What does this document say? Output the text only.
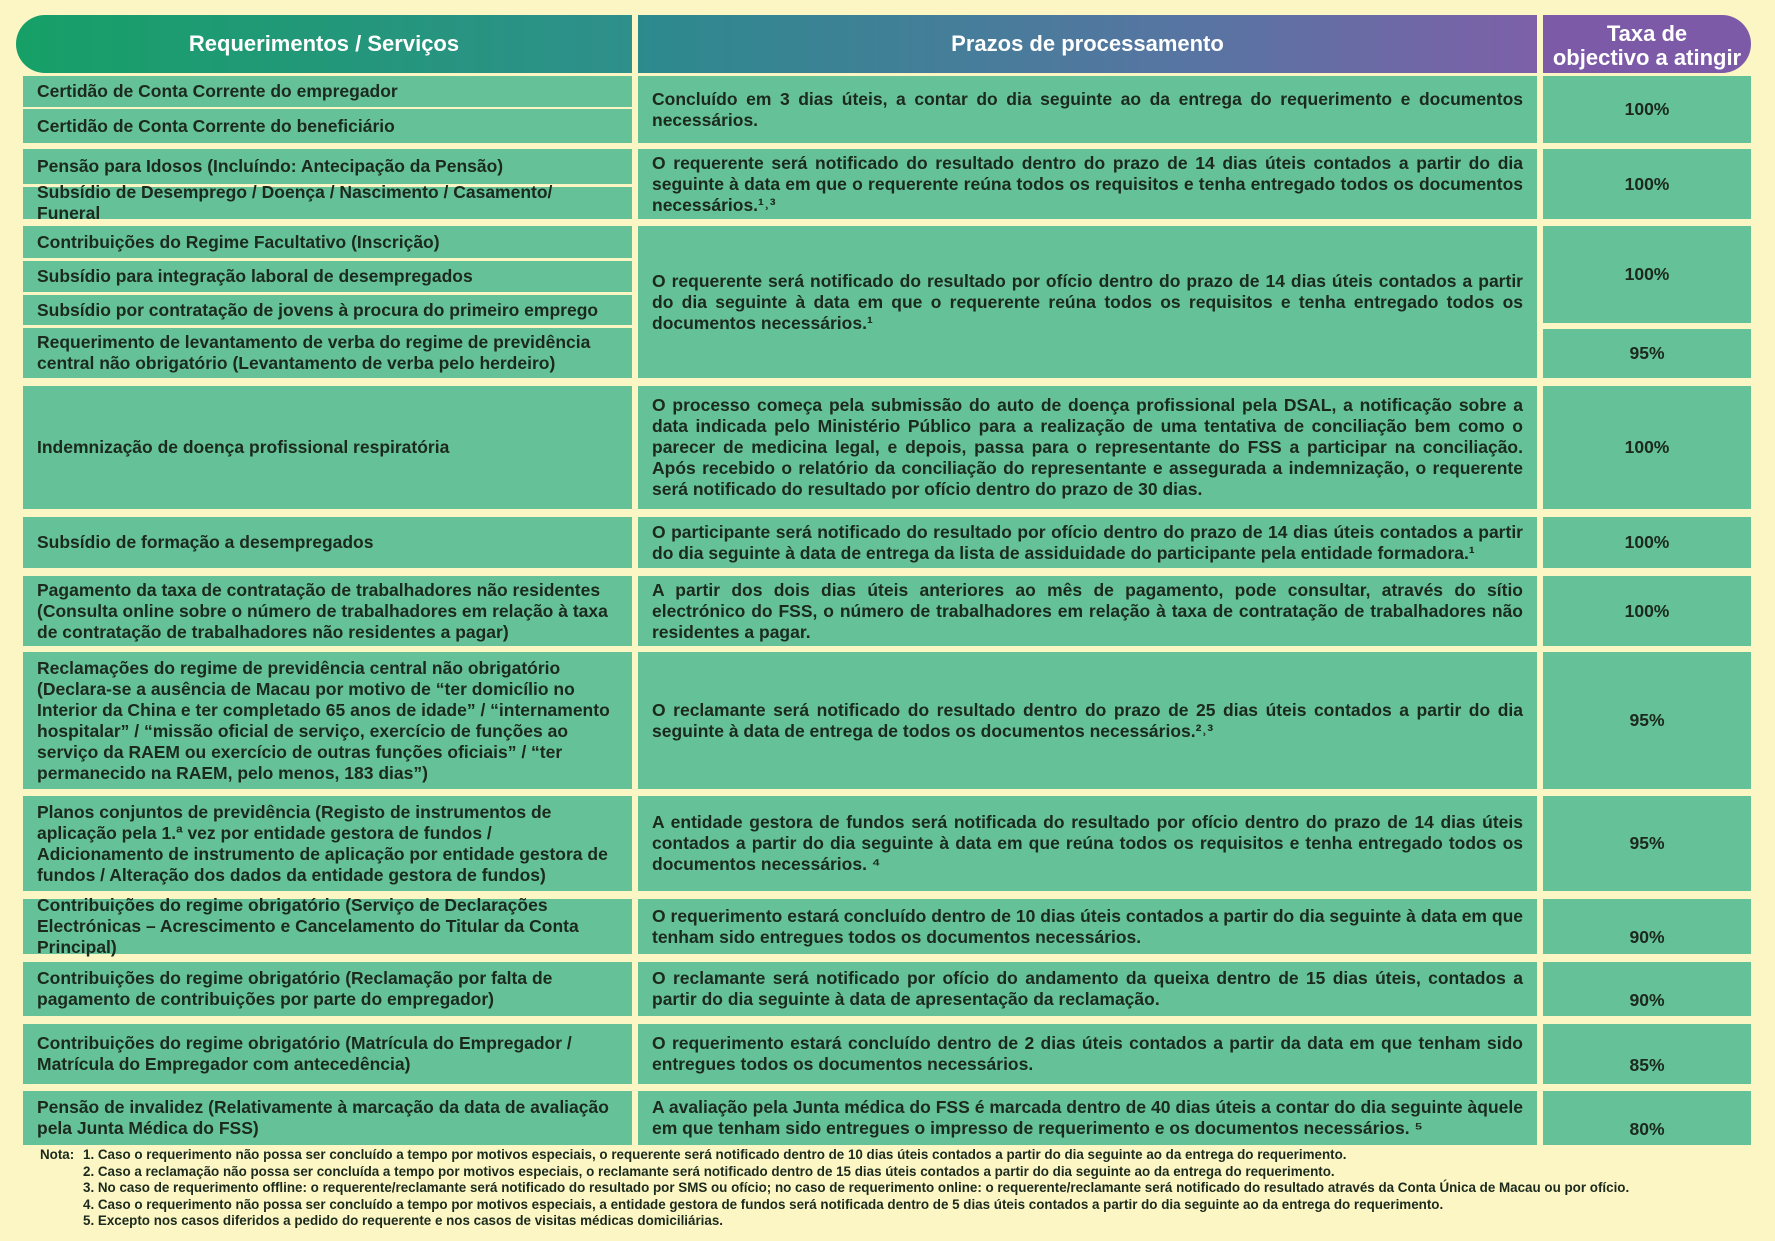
Requerimentos / Serviços	Prazos de processamento	Taxa de
objectivo a atingir
Certidão de Conta Corrente do empregador
Certidão de Conta Corrente do beneficiário
Pensão para Idosos (Incluíndo: Antecipação da Pensão)
Subsídio de Desemprego / Doença / Nascimento / Casamento/ Funeral
Contribuições do Regime Facultativo (Inscrição)
Subsídio para integração laboral de desempregados
Subsídio por contratação de jovens à procura do primeiro emprego
Requerimento de levantamento de verba do regime de previdência central não obrigatório (Levantamento de verba pelo herdeiro)
Indemnização de doença profissional respiratória
Subsídio de formação a desempregados
Pagamento da taxa de contratação de trabalhadores não residentes (Consulta online sobre o número de trabalhadores em relação à taxa de contratação de trabalhadores não residentes a pagar)
Reclamações do regime de previdência central não obrigatório (Declara-se a ausência de Macau por motivo de “ter domicílio no Interior da China e ter completado 65 anos de idade” / “internamento hospitalar” / “missão oficial de serviço, exercício de funções ao serviço da RAEM ou exercício de outras funções oficiais” / “ter permanecido na RAEM, pelo menos, 183 dias”)
Planos conjuntos de previdência (Registo de instrumentos de aplicação pela 1.ª vez por entidade gestora de fundos / Adicionamento de instrumento de aplicação por entidade gestora de fundos / Alteração dos dados da entidade gestora de fundos)
Contribuições do regime obrigatório (Serviço de Declarações Electrónicas – Acrescimento e Cancelamento do Titular da Conta Principal)
Contribuições do regime obrigatório (Reclamação por falta de pagamento de contribuições por parte do empregador)
Contribuições do regime obrigatório (Matrícula do Empregador / Matrícula do Empregador com antecedência)
Pensão de invalidez (Relativamente à marcação da data de avaliação pela Junta Médica do FSS)
Concluído em 3 dias úteis, a contar do dia seguinte ao da entrega do requerimento e documentos necessários.
O requerente será notificado do resultado dentro do prazo de 14 dias úteis contados a partir do dia seguinte à data em que o requerente reúna todos os requisitos e tenha entregado todos os documentos necessários.¹˒³
O requerente será notificado do resultado por ofício dentro do prazo de 14 dias úteis contados a partir do dia seguinte à data em que o requerente reúna todos os requisitos e tenha entregado todos os documentos necessários.¹
O processo começa pela submissão do auto de doença profissional pela DSAL, a notificação sobre a data indicada pelo Ministério Público para a realização de uma tentativa de conciliação bem como o parecer de medicina legal, e depois, passa para o representante do FSS a participar na conciliação. Após recebido o relatório da conciliação do representante e assegurada a indemnização, o requerente será notificado do resultado por ofício dentro do prazo de 30 dias.
O participante será notificado do resultado por ofício dentro do prazo de 14 dias úteis contados a partir do dia seguinte à data de entrega da lista de assiduidade do participante pela entidade formadora.¹
A partir dos dois dias úteis anteriores ao mês de pagamento, pode consultar, através do sítio electrónico do FSS, o número de trabalhadores em relação à taxa de contratação de trabalhadores não residentes a pagar.
O reclamante será notificado do resultado dentro do prazo de 25 dias úteis contados a partir do dia seguinte à data de entrega de todos os documentos necessários.²˒³
A entidade gestora de fundos será notificada do resultado por ofício dentro do prazo de 14 dias úteis contados a partir do dia seguinte à data em que reúna todos os requisitos e tenha entregado todos os documentos necessários. ⁴
O requerimento estará concluído dentro de 10 dias úteis contados a partir do dia seguinte à data em que tenham sido entregues todos os documentos necessários.
O reclamante será notificado por ofício do andamento da queixa dentro de 15 dias úteis, contados a partir do dia seguinte à data de apresentação da reclamação.
O requerimento estará concluído dentro de 2 dias úteis contados a partir da data em que tenham sido entregues todos os documentos necessários.
A avaliação pela Junta médica do FSS é marcada dentro de 40 dias úteis a contar do dia seguinte àquele em que tenham sido entregues o impresso de requerimento e os documentos necessários. ⁵
100%
100%
100%
95%
100%
100%
100%
95%
95%
90%
90%
85%
80%
Nota: 1. Caso o requerimento não possa ser concluído a tempo por motivos especiais, o requerente será notificado dentro de 10 dias úteis contados a partir do dia seguinte ao da entrega do requerimento.
2. Caso a reclamação não possa ser concluída a tempo por motivos especiais, o reclamante será notificado dentro de 15 dias úteis contados a partir do dia seguinte ao da entrega do requerimento.
3. No caso de requerimento offline: o requerente/reclamante será notificado do resultado por SMS ou ofício; no caso de requerimento online: o requerente/reclamante será notificado do resultado através da Conta Única de Macau ou por ofício.
4. Caso o requerimento não possa ser concluído a tempo por motivos especiais, a entidade gestora de fundos será notificada dentro de 5 dias úteis contados a partir do dia seguinte ao da entrega do requerimento.
5. Excepto nos casos diferidos a pedido do requerente e nos casos de visitas médicas domiciliárias.
